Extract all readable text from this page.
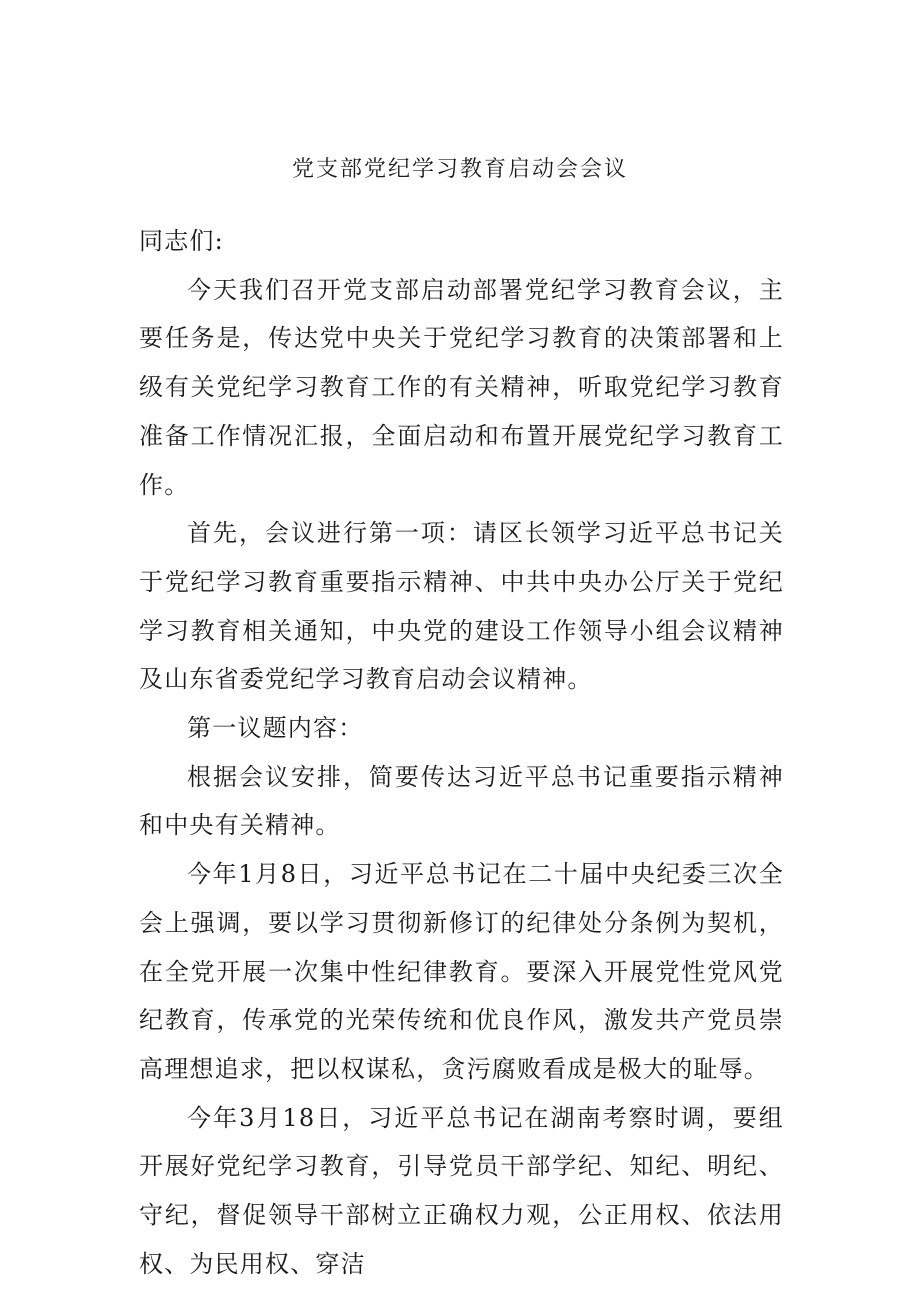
党支部党纪学习教育启动会会议

同志们:

今天我们召开党支部启动部署党纪学习教育会议，主要任务是，传达党中央关于党纪学习教育的决策部署和上级有关党纪学习教育工作的有关精神，听取党纪学习教育准备工作情况汇报，全面启动和布置开展党纪学习教育工作。

首先，会议进行第一项：请区长领学习近平总书记关于党纪学习教育重要指示精神、中共中央办公厅关于党纪学习教育相关通知，中央党的建设工作领导小组会议精神及山东省委党纪学习教育启动会议精神。

第一议题内容：

根据会议安排，简要传达习近平总书记重要指示精神和中央有关精神。

今年1月8日，习近平总书记在二十届中央纪委三次全会上强调，要以学习贯彻新修订的纪律处分条例为契机，在全党开展一次集中性纪律教育。要深入开展党性党风党纪教育，传承党的光荣传统和优良作风，激发共产党员崇高理想追求，把以权谋私，贪污腐败看成是极大的耻辱。

今年3月18日，习近平总书记在湖南考察时调，要组开展好党纪学习教育，引导党员干部学纪、知纪、明纪、守纪，督促领导干部树立正确权力观，公正用权、依法用权、为民用权、穿洁
